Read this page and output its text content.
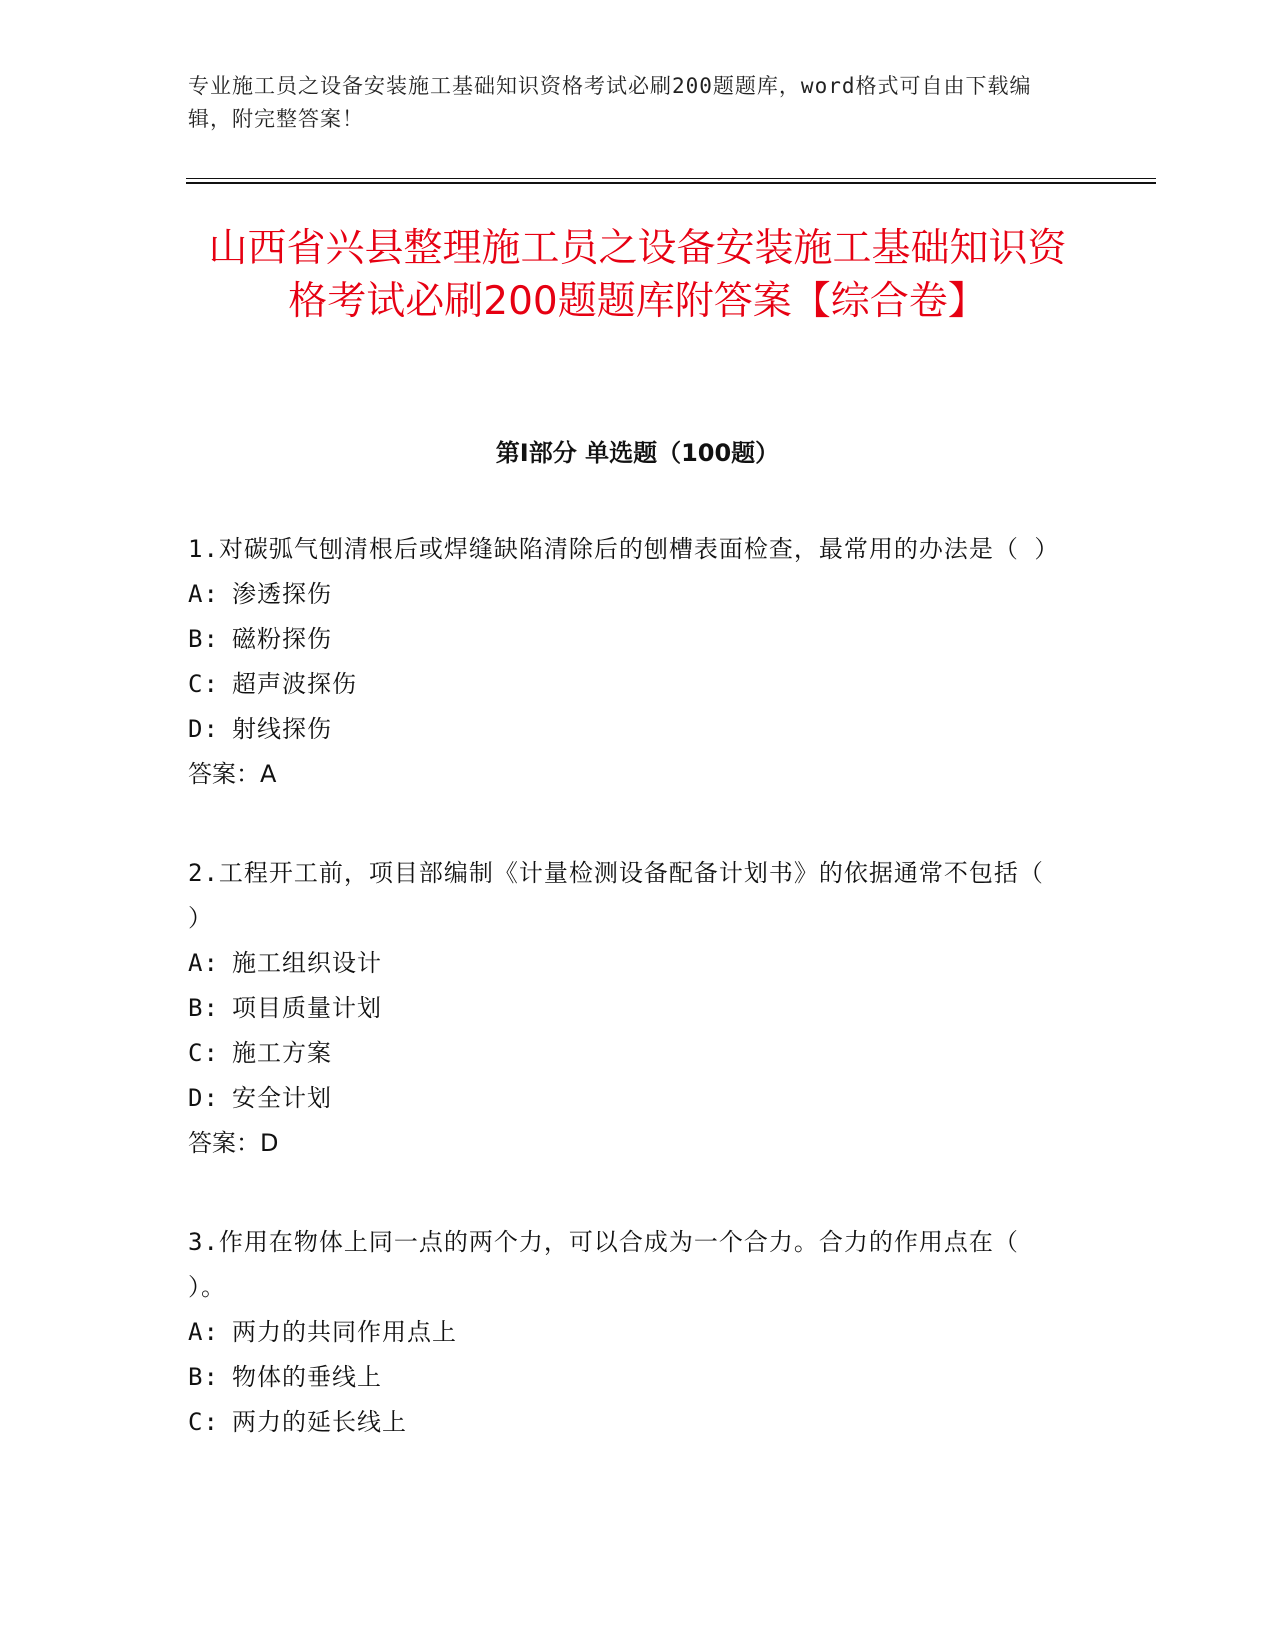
专业施工员之设备安装施工基础知识资格考试必刷200题题库，word格式可自由下载编辑，附完整答案！
山西省兴县整理施工员之设备安装施工基础知识资格考试必刷200题题库附答案【综合卷】
第I部分 单选题（100题）

1.对碳弧气刨清根后或焊缝缺陷清除后的刨槽表面检查，最常用的办法是（ ）

A: 渗透探伤

B: 磁粉探伤

C: 超声波探伤

D: 射线探伤

答案：A

2.工程开工前，项目部编制《计量检测设备配备计划书》的依据通常不包括（ ）

A: 施工组织设计

B: 项目质量计划

C: 施工方案

D: 安全计划

答案：D

3.作用在物体上同一点的两个力，可以合成为一个合力。合力的作用点在（ ）。

A: 两力的共同作用点上

B: 物体的垂线上

C: 两力的延长线上
